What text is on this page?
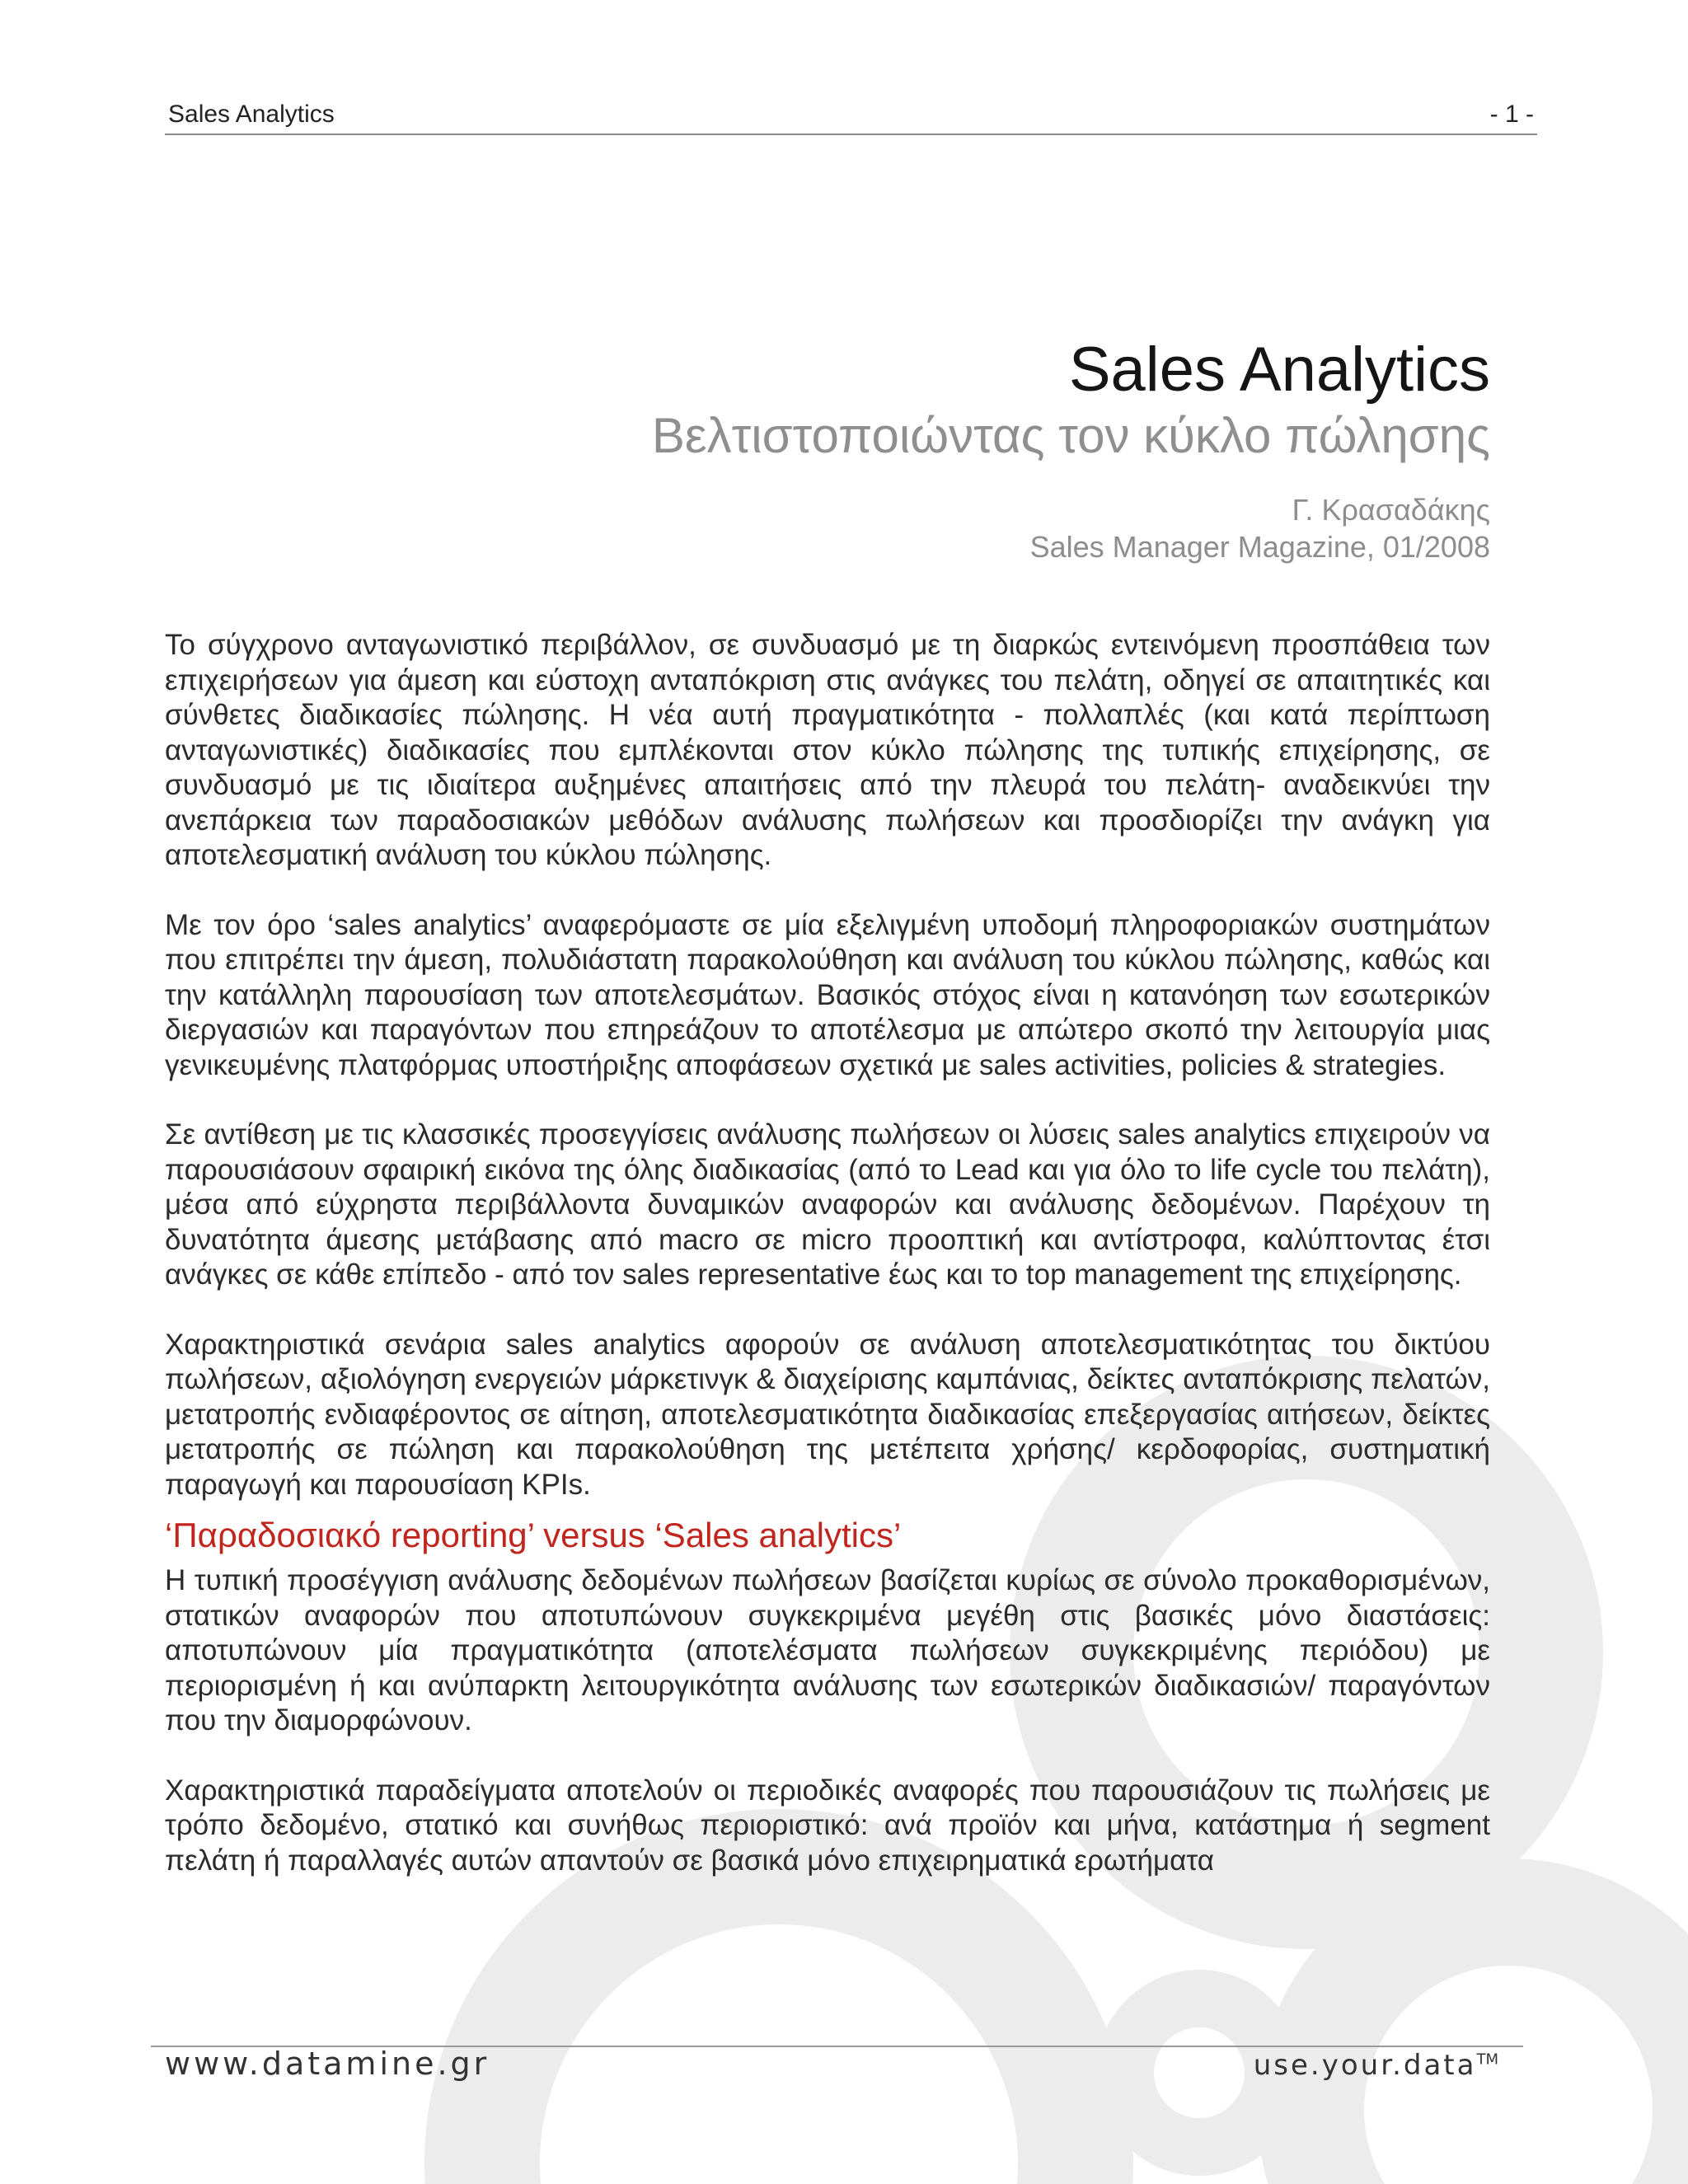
Sales Analytics	- 1 -
Sales Analytics
Βελτιστοποιώντας τον κύκλο πώλησης
Γ. Κρασαδάκης
Sales Manager Magazine, 01/2008

Το σύγχρονο ανταγωνιστικό περιβάλλον, σε συνδυασμό με τη διαρκώς εντεινόμενη προσπάθεια των επιχειρήσεων για άμεση και εύστοχη ανταπόκριση στις ανάγκες του πελάτη, οδηγεί σε απαιτητικές και σύνθετες διαδικασίες πώλησης. Η νέα αυτή πραγματικότητα - πολλαπλές (και κατά περίπτωση ανταγωνιστικές) διαδικασίες που εμπλέκονται στον κύκλο πώλησης της τυπικής επιχείρησης, σε συνδυασμό με τις ιδιαίτερα αυξημένες απαιτήσεις από την πλευρά του πελάτη- αναδεικνύει την ανεπάρκεια των παραδοσιακών μεθόδων ανάλυσης πωλήσεων και προσδιορίζει την ανάγκη για αποτελεσματική ανάλυση του κύκλου πώλησης.

Με τον όρο ‘sales analytics’ αναφερόμαστε σε μία εξελιγμένη υποδομή πληροφοριακών συστημάτων που επιτρέπει την άμεση, πολυδιάστατη παρακολούθηση και ανάλυση του κύκλου πώλησης, καθώς και την κατάλληλη παρουσίαση των αποτελεσμάτων. Βασικός στόχος είναι η κατανόηση των εσωτερικών διεργασιών και παραγόντων που επηρεάζουν το αποτέλεσμα με απώτερο σκοπό την λειτουργία μιας γενικευμένης πλατφόρμας υποστήριξης αποφάσεων σχετικά με sales activities, policies & strategies.

Σε αντίθεση με τις κλασσικές προσεγγίσεις ανάλυσης πωλήσεων οι λύσεις sales analytics επιχειρούν να παρουσιάσουν σφαιρική εικόνα της όλης διαδικασίας (από το Lead και για όλο το life cycle του πελάτη), μέσα από εύχρηστα περιβάλλοντα δυναμικών αναφορών και ανάλυσης δεδομένων. Παρέχουν τη δυνατότητα άμεσης μετάβασης από macro σε micro προοπτική και αντίστροφα, καλύπτοντας έτσι ανάγκες σε κάθε επίπεδο - από τον sales representative έως και το top management της επιχείρησης.

Χαρακτηριστικά σενάρια sales analytics αφορούν σε ανάλυση αποτελεσματικότητας του δικτύου πωλήσεων, αξιολόγηση ενεργειών μάρκετινγκ & διαχείρισης καμπάνιας, δείκτες ανταπόκρισης πελατών, μετατροπής ενδιαφέροντος σε αίτηση, αποτελεσματικότητα διαδικασίας επεξεργασίας αιτήσεων, δείκτες μετατροπής σε πώληση και παρακολούθηση της μετέπειτα χρήσης/ κερδοφορίας, συστηματική παραγωγή και παρουσίαση KPIs.

‘Παραδοσιακό reporting’ versus ‘Sales analytics’

Η τυπική προσέγγιση ανάλυσης δεδομένων πωλήσεων βασίζεται κυρίως σε σύνολο προκαθορισμένων, στατικών αναφορών που αποτυπώνουν συγκεκριμένα μεγέθη στις βασικές μόνο διαστάσεις: αποτυπώνουν μία πραγματικότητα (αποτελέσματα πωλήσεων συγκεκριμένης περιόδου) με περιορισμένη ή και ανύπαρκτη λειτουργικότητα ανάλυσης των εσωτερικών διαδικασιών/ παραγόντων που την διαμορφώνουν.

Χαρακτηριστικά παραδείγματα αποτελούν οι περιοδικές αναφορές που παρουσιάζουν τις πωλήσεις με τρόπο δεδομένο, στατικό και συνήθως περιοριστικό: ανά προϊόν και μήνα, κατάστημα ή segment πελάτη ή παραλλαγές αυτών απαντούν σε βασικά μόνο επιχειρηματικά ερωτήματα

www.datamine.gr	use.your.data™
